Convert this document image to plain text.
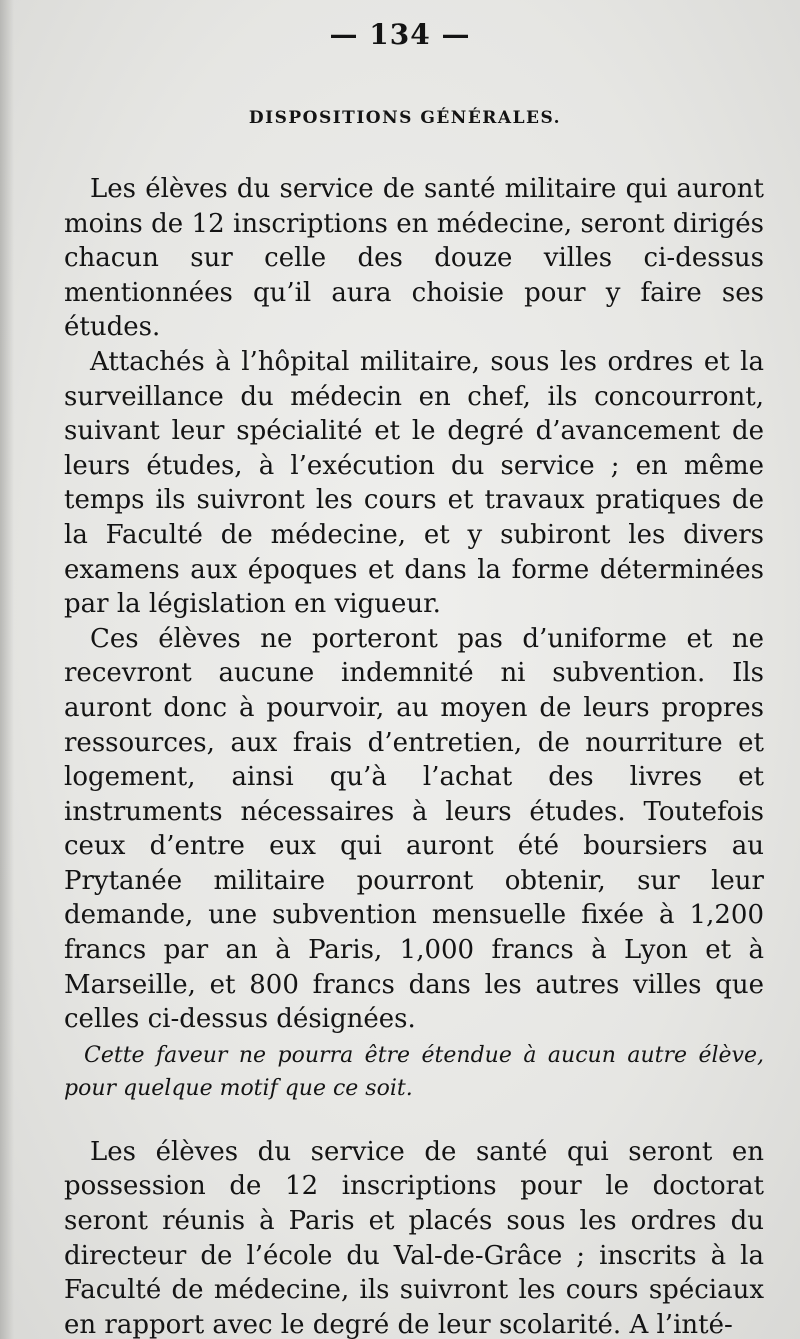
— 134 —
DISPOSITIONS GÉNÉRALES.

Les élèves du service de santé militaire qui auront moins de 12 inscriptions en médecine, seront dirigés chacun sur celle des douze villes ci-dessus mentionnées qu’il aura choisie pour y faire ses études.

Attachés à l’hôpital militaire, sous les ordres et la surveillance du médecin en chef, ils concourront, suivant leur spécialité et le degré d’avancement de leurs études, à l’exécution du service ; en même temps ils suivront les cours et travaux pratiques de la Faculté de médecine, et y subiront les divers examens aux époques et dans la forme déterminées par la législation en vigueur.

Ces élèves ne porteront pas d’uniforme et ne recevront aucune indemnité ni subvention. Ils auront donc à pourvoir, au moyen de leurs propres ressources, aux frais d’entretien, de nourriture et logement, ainsi qu’à l’achat des livres et instruments nécessaires à leurs études. Toutefois ceux d’entre eux qui auront été boursiers au Prytanée militaire pourront obtenir, sur leur demande, une subvention mensuelle fixée à 1,200 francs par an à Paris, 1,000 francs à Lyon et à Marseille, et 800 francs dans les autres villes que celles ci-dessus désignées.

Cette faveur ne pourra être étendue à aucun autre élève, pour quelque motif que ce soit.

Les élèves du service de santé qui seront en possession de 12 inscriptions pour le doctorat seront réunis à Paris et placés sous les ordres du directeur de l’école du Val-de-Grâce ; inscrits à la Faculté de médecine, ils suivront les cours spéciaux en rapport avec le degré de leur scolarité. A l’inté-
